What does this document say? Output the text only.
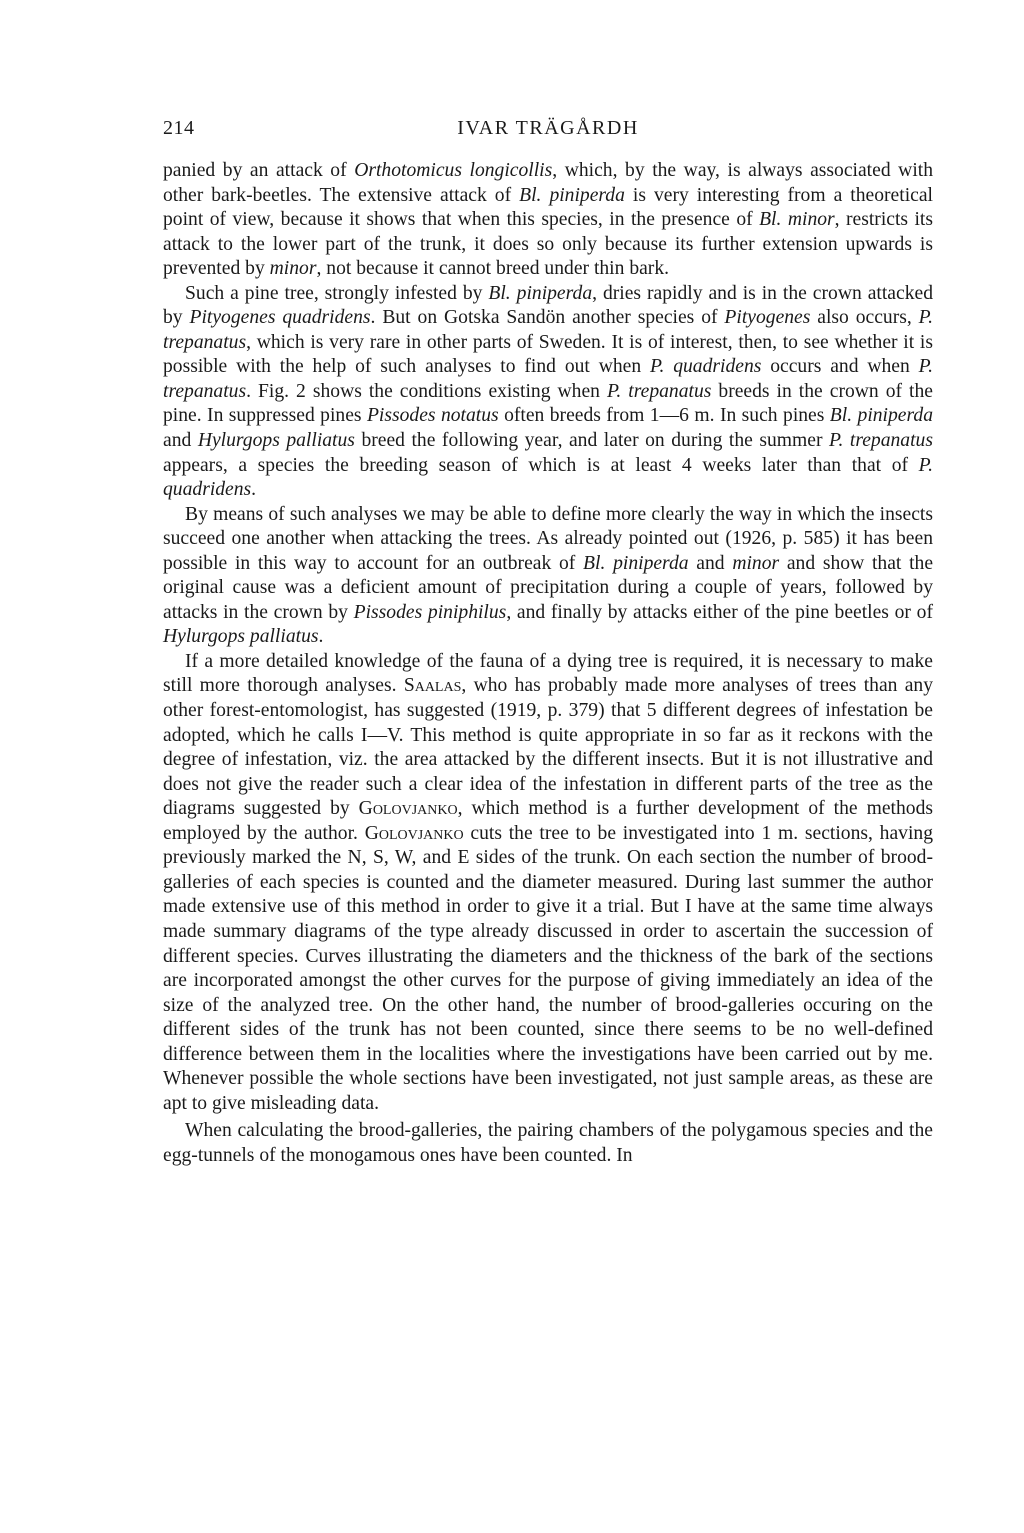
214	IVAR TRÄGÅRDH

panied by an attack of Orthotomicus longicollis, which, by the way, is always associated with other bark-beetles. The extensive attack of Bl. piniperda is very interesting from a theoretical point of view, because it shows that when this species, in the presence of Bl. minor, restricts its attack to the lower part of the trunk, it does so only because its further extension upwards is prevented by minor, not because it cannot breed under thin bark.

Such a pine tree, strongly infested by Bl. piniperda, dries rapidly and is in the crown attacked by Pityogenes quadridens. But on Gotska Sandön another species of Pityogenes also occurs, P. trepanatus, which is very rare in other parts of Sweden. It is of interest, then, to see whether it is possible with the help of such analyses to find out when P. quadridens occurs and when P. trepanatus. Fig. 2 shows the conditions existing when P. trepanatus breeds in the crown of the pine. In suppressed pines Pissodes notatus often breeds from 1—6 m. In such pines Bl. piniperda and Hylurgops palliatus breed the following year, and later on during the summer P. trepanatus appears, a species the breeding season of which is at least 4 weeks later than that of P. quadridens.

By means of such analyses we may be able to define more clearly the way in which the insects succeed one another when attacking the trees. As already pointed out (1926, p. 585) it has been possible in this way to account for an outbreak of Bl. piniperda and minor and show that the original cause was a deficient amount of precipitation during a couple of years, followed by attacks in the crown by Pissodes piniphilus, and finally by attacks either of the pine beetles or of Hylurgops palliatus.

If a more detailed knowledge of the fauna of a dying tree is required, it is necessary to make still more thorough analyses. Saalas, who has probably made more analyses of trees than any other forest-entomologist, has suggested (1919, p. 379) that 5 different degrees of infestation be adopted, which he calls I—V. This method is quite appropriate in so far as it reckons with the degree of infestation, viz. the area attacked by the different insects. But it is not illustrative and does not give the reader such a clear idea of the infestation in different parts of the tree as the diagrams suggested by Golovjanko, which method is a further development of the methods employed by the author. Golovjanko cuts the tree to be investigated into 1 m. sections, having previously marked the N, S, W, and E sides of the trunk. On each section the number of brood-galleries of each species is counted and the diameter measured. During last summer the author made extensive use of this method in order to give it a trial. But I have at the same time always made summary diagrams of the type already discussed in order to ascertain the succession of different species. Curves illustrating the diameters and the thickness of the bark of the sections are incorporated amongst the other curves for the purpose of giving immediately an idea of the size of the analyzed tree. On the other hand, the number of brood-galleries occuring on the different sides of the trunk has not been counted, since there seems to be no well-defined difference between them in the localities where the investigations have been carried out by me. Whenever possible the whole sections have been investigated, not just sample areas, as these are apt to give misleading data.

When calculating the brood-galleries, the pairing chambers of the polygamous species and the egg-tunnels of the monogamous ones have been counted. In
